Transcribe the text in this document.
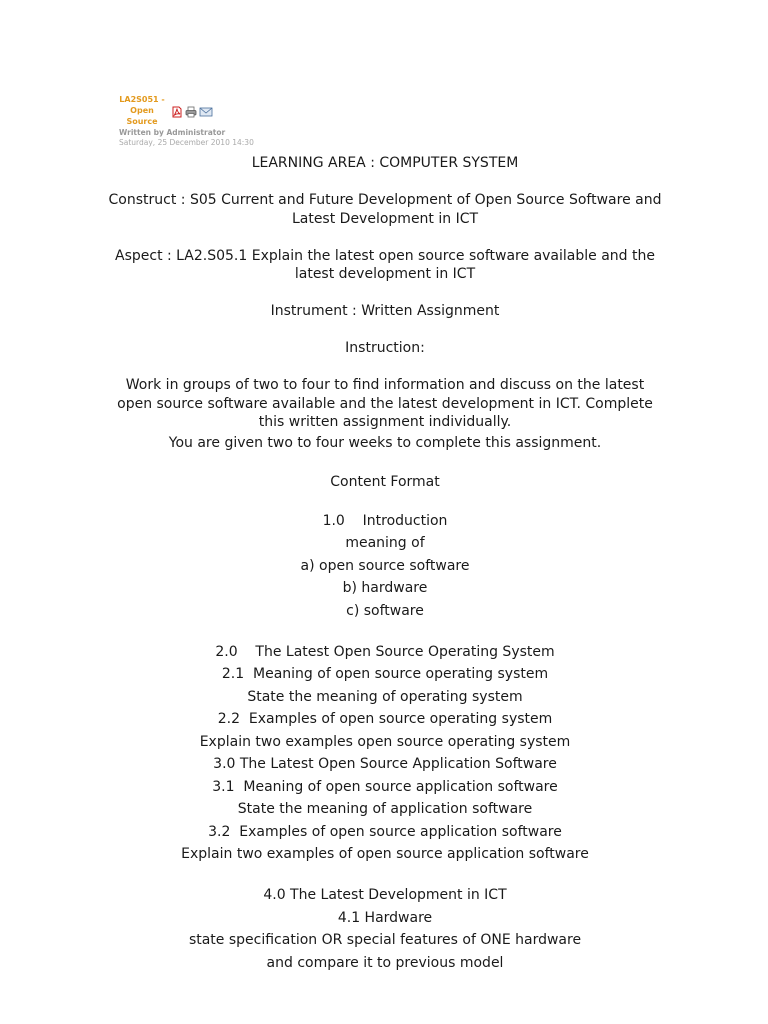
LA2S051 - Open Source
Written by Administrator
Saturday, 25 December 2010 14:30
LEARNING AREA : COMPUTER SYSTEM
Construct : S05 Current and Future Development of Open Source Software and
Latest Development in ICT
Aspect : LA2.S05.1 Explain the latest open source software available and the
latest development in ICT
Instrument : Written Assignment
Instruction:
Work in groups of two to four to find information and discuss on the latest
open source software available and the latest development in ICT. Complete
this written assignment individually.
You are given two to four weeks to complete this assignment.
Content Format
1.0    Introduction
meaning of
a) open source software
b) hardware
c) software
2.0    The Latest Open Source Operating System
2.1  Meaning of open source operating system
State the meaning of operating system
2.2  Examples of open source operating system
Explain two examples open source operating system
3.0 The Latest Open Source Application Software
3.1  Meaning of open source application software
State the meaning of application software
3.2  Examples of open source application software
Explain two examples of open source application software
4.0 The Latest Development in ICT
4.1 Hardware
state specification OR special features of ONE hardware
and compare it to previous model
